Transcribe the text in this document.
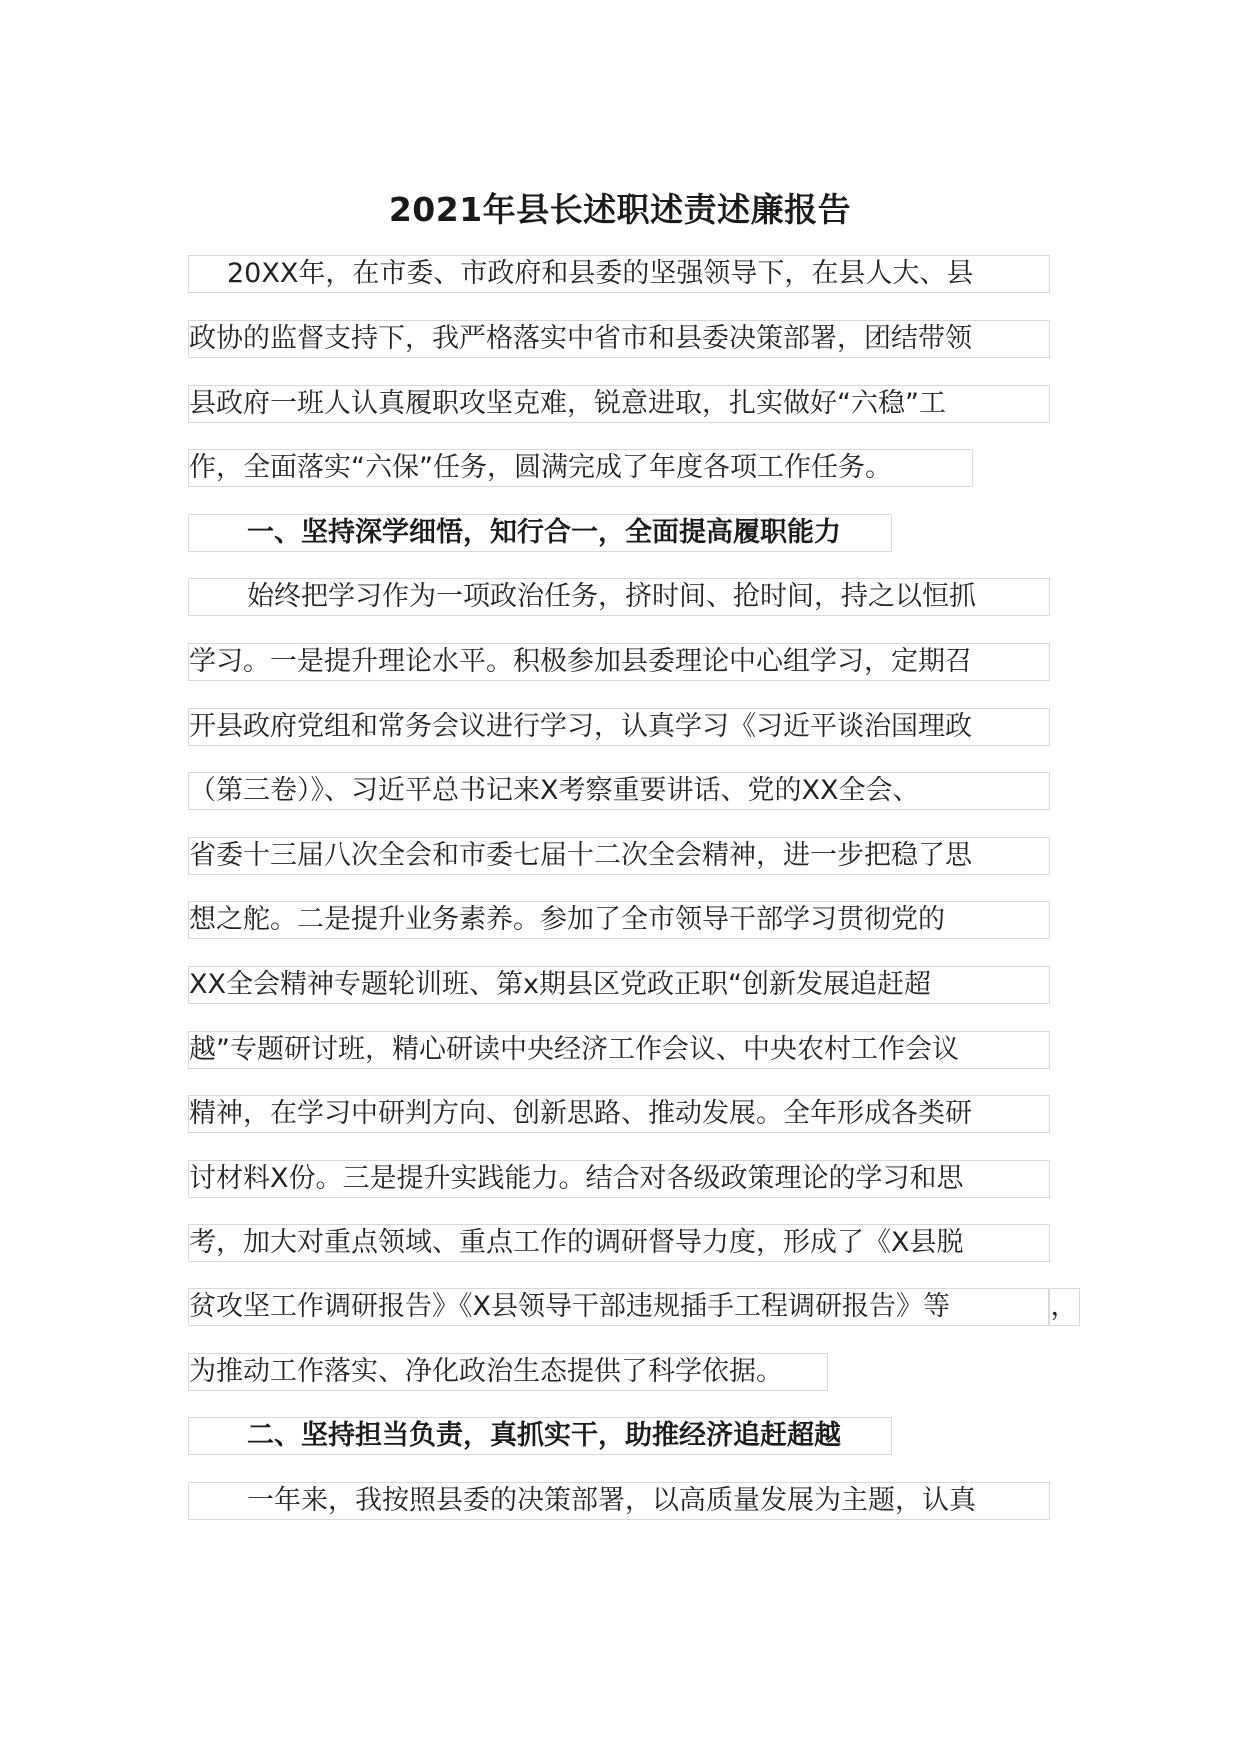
2021年县长述职述责述廉报告
20XX年，在市委、市政府和县委的坚强领导下，在县人大、县
政协的监督支持下，我严格落实中省市和县委决策部署，团结带领
县政府一班人认真履职攻坚克难，锐意进取，扎实做好“六稳”工
作，全面落实“六保”任务，圆满完成了年度各项工作任务。
一、坚持深学细悟，知行合一，全面提高履职能力
始终把学习作为一项政治任务，挤时间、抢时间，持之以恒抓
学习。一是提升理论水平。积极参加县委理论中心组学习，定期召
开县政府党组和常务会议进行学习，认真学习《习近平谈治国理政
（第三卷）》、习近平总书记来X考察重要讲话、党的XX全会、
省委十三届八次全会和市委七届十二次全会精神，进一步把稳了思
想之舵。二是提升业务素养。参加了全市领导干部学习贯彻党的
XX全会精神专题轮训班、第x期县区党政正职“创新发展追赶超
越”专题研讨班，精心研读中央经济工作会议、中央农村工作会议
精神，在学习中研判方向、创新思路、推动发展。全年形成各类研
讨材料X份。三是提升实践能力。结合对各级政策理论的学习和思
考，加大对重点领域、重点工作的调研督导力度，形成了《X县脱
贫攻坚工作调研报告》《X县领导干部违规插手工程调研报告》等	，
为推动工作落实、净化政治生态提供了科学依据。
二、坚持担当负责，真抓实干，助推经济追赶超越
一年来，我按照县委的决策部署，以高质量发展为主题，认真
